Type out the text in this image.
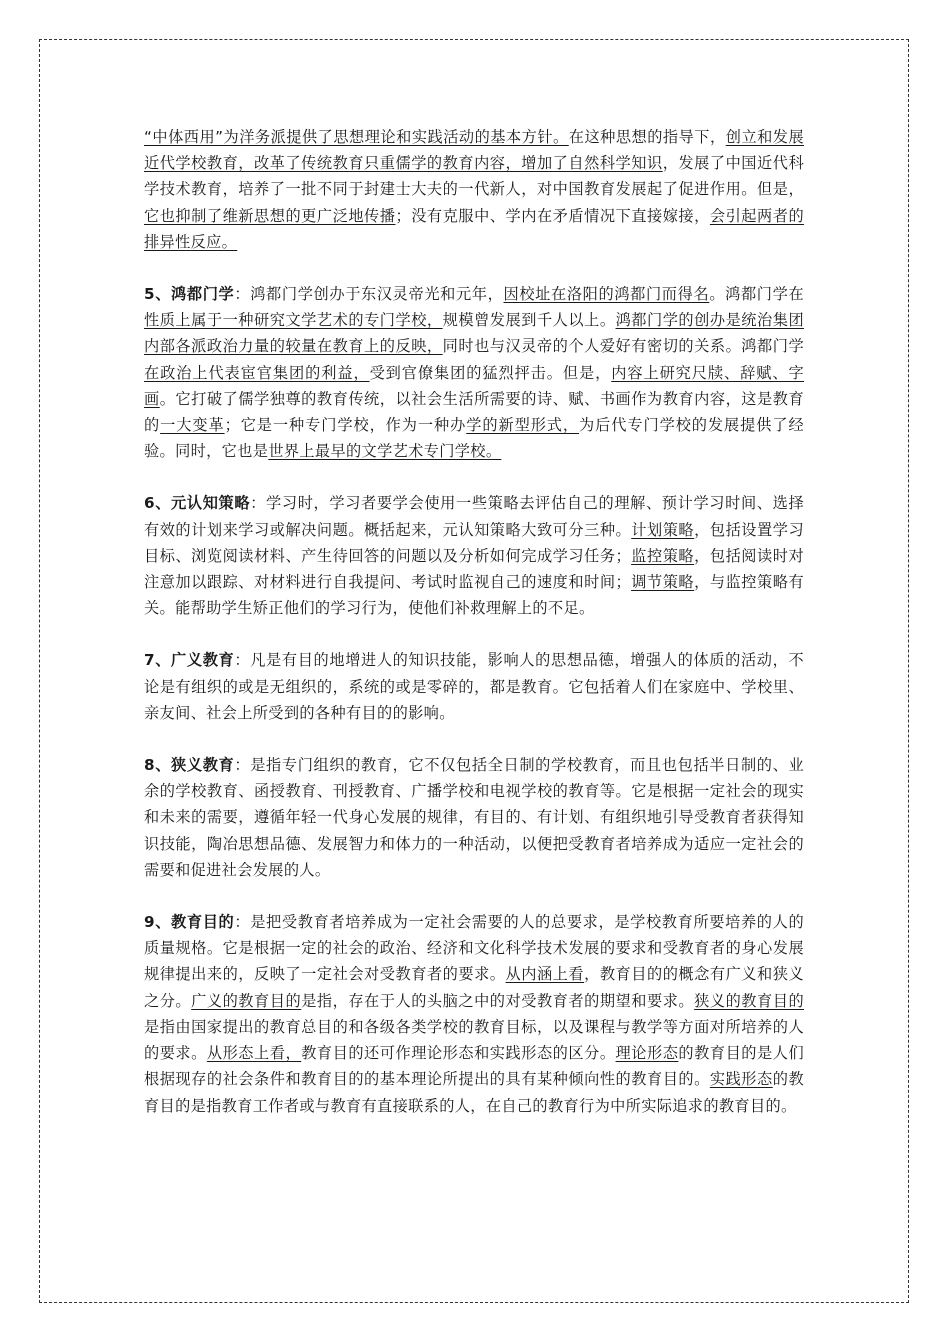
“中体西用”为洋务派提供了思想理论和实践活动的基本方针。在这种思想的指导下，创立和发展近代学校教育，改革了传统教育只重儒学的教育内容，增加了自然科学知识，发展了中国近代科学技术教育，培养了一批不同于封建士大夫的一代新人，对中国教育发展起了促进作用。但是，它也抑制了维新思想的更广泛地传播；没有克服中、学内在矛盾情况下直接嫁接，会引起两者的排异性反应。

5、鸿都门学：鸿都门学创办于东汉灵帝光和元年，因校址在洛阳的鸿都门而得名。鸿都门学在性质上属于一种研究文学艺术的专门学校，规模曾发展到千人以上。鸿都门学的创办是统治集团内部各派政治力量的较量在教育上的反映，同时也与汉灵帝的个人爱好有密切的关系。鸿都门学在政治上代表宦官集团的利益，受到官僚集团的猛烈抨击。但是，内容上研究尺牍、辞赋、字画。它打破了儒学独尊的教育传统，以社会生活所需要的诗、赋、书画作为教育内容，这是教育的一大变革；它是一种专门学校，作为一种办学的新型形式，为后代专门学校的发展提供了经验。同时，它也是世界上最早的文学艺术专门学校。

6、元认知策略：学习时，学习者要学会使用一些策略去评估自己的理解、预计学习时间、选择有效的计划来学习或解决问题。概括起来，元认知策略大致可分三种。计划策略，包括设置学习目标、浏览阅读材料、产生待回答的问题以及分析如何完成学习任务；监控策略，包括阅读时对注意加以跟踪、对材料进行自我提问、考试时监视自己的速度和时间；调节策略，与监控策略有关。能帮助学生矫正他们的学习行为，使他们补救理解上的不足。

7、广义教育：凡是有目的地增进人的知识技能，影响人的思想品德，增强人的体质的活动，不论是有组织的或是无组织的，系统的或是零碎的，都是教育。它包括着人们在家庭中、学校里、亲友间、社会上所受到的各种有目的的影响。

8、狭义教育：是指专门组织的教育，它不仅包括全日制的学校教育，而且也包括半日制的、业余的学校教育、函授教育、刊授教育、广播学校和电视学校的教育等。它是根据一定社会的现实和未来的需要，遵循年轻一代身心发展的规律，有目的、有计划、有组织地引导受教育者获得知识技能，陶冶思想品德、发展智力和体力的一种活动，以便把受教育者培养成为适应一定社会的需要和促进社会发展的人。

9、教育目的：是把受教育者培养成为一定社会需要的人的总要求，是学校教育所要培养的人的质量规格。它是根据一定的社会的政治、经济和文化科学技术发展的要求和受教育者的身心发展规律提出来的，反映了一定社会对受教育者的要求。从内涵上看，教育目的的概念有广义和狭义之分。广义的教育目的是指，存在于人的头脑之中的对受教育者的期望和要求。狭义的教育目的是指由国家提出的教育总目的和各级各类学校的教育目标，以及课程与教学等方面对所培养的人的要求。从形态上看，教育目的还可作理论形态和实践形态的区分。理论形态的教育目的是人们根据现存的社会条件和教育目的的基本理论所提出的具有某种倾向性的教育目的。实践形态的教育目的是指教育工作者或与教育有直接联系的人，在自己的教育行为中所实际追求的教育目的。
